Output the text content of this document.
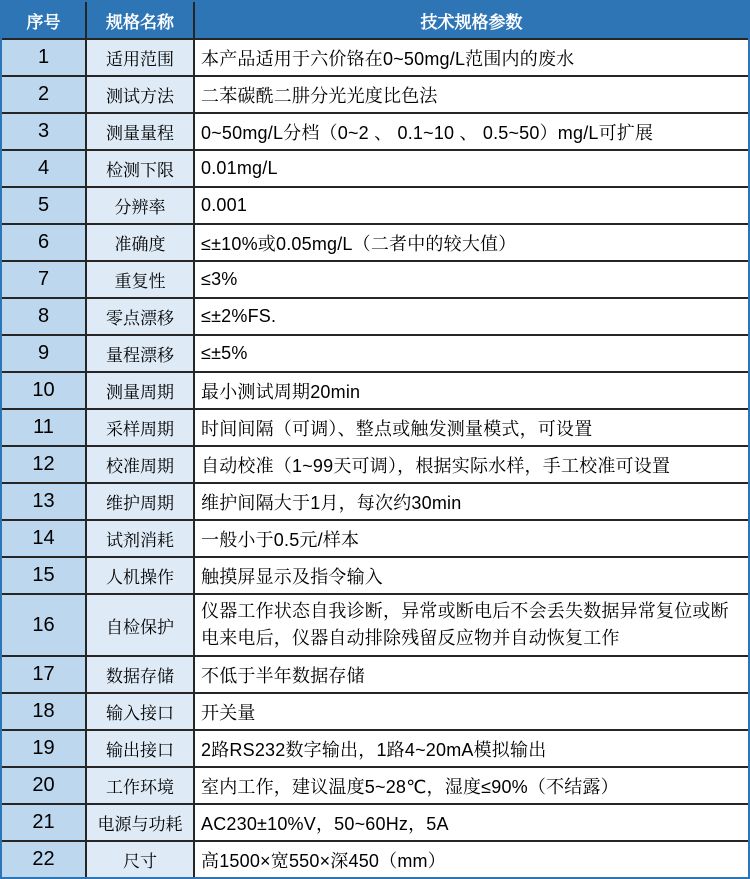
序号	规格名称	技术规格参数
1	适用范围	本产品适用于六价铬在0~50mg/L范围内的废水
2	测试方法	二苯碳酰二肼分光光度比色法
3	测量量程	0~50mg/L分档（0~2 、 0.1~10 、 0.5~50）mg/L可扩展
4	检测下限	0.01mg/L
5	分辨率	0.001
6	准确度	≤±10%或0.05mg/L（二者中的较大值）
7	重复性	≤3%
8	零点漂移	≤±2%FS.
9	量程漂移	≤±5%
10	测量周期	最小测试周期20min
11	采样周期	时间间隔（可调）、整点或触发测量模式，可设置
12	校准周期	自动校准（1~99天可调），根据实际水样，手工校准可设置
13	维护周期	维护间隔大于1月，每次约30min
14	试剂消耗	一般小于0.5元/样本
15	人机操作	触摸屏显示及指令输入
16	自检保护	仪器工作状态自我诊断，异常或断电后不会丢失数据异常复位或断电来电后，仪器自动排除残留反应物并自动恢复工作
17	数据存储	不低于半年数据存储
18	输入接口	开关量
19	输出接口	2路RS232数字输出，1路4~20mA模拟输出
20	工作环境	室内工作，建议温度5~28℃，湿度≤90%（不结露）
21	电源与功耗	AC230±10%V，50~60Hz，5A
22	尺寸	高1500×宽550×深450（mm）
